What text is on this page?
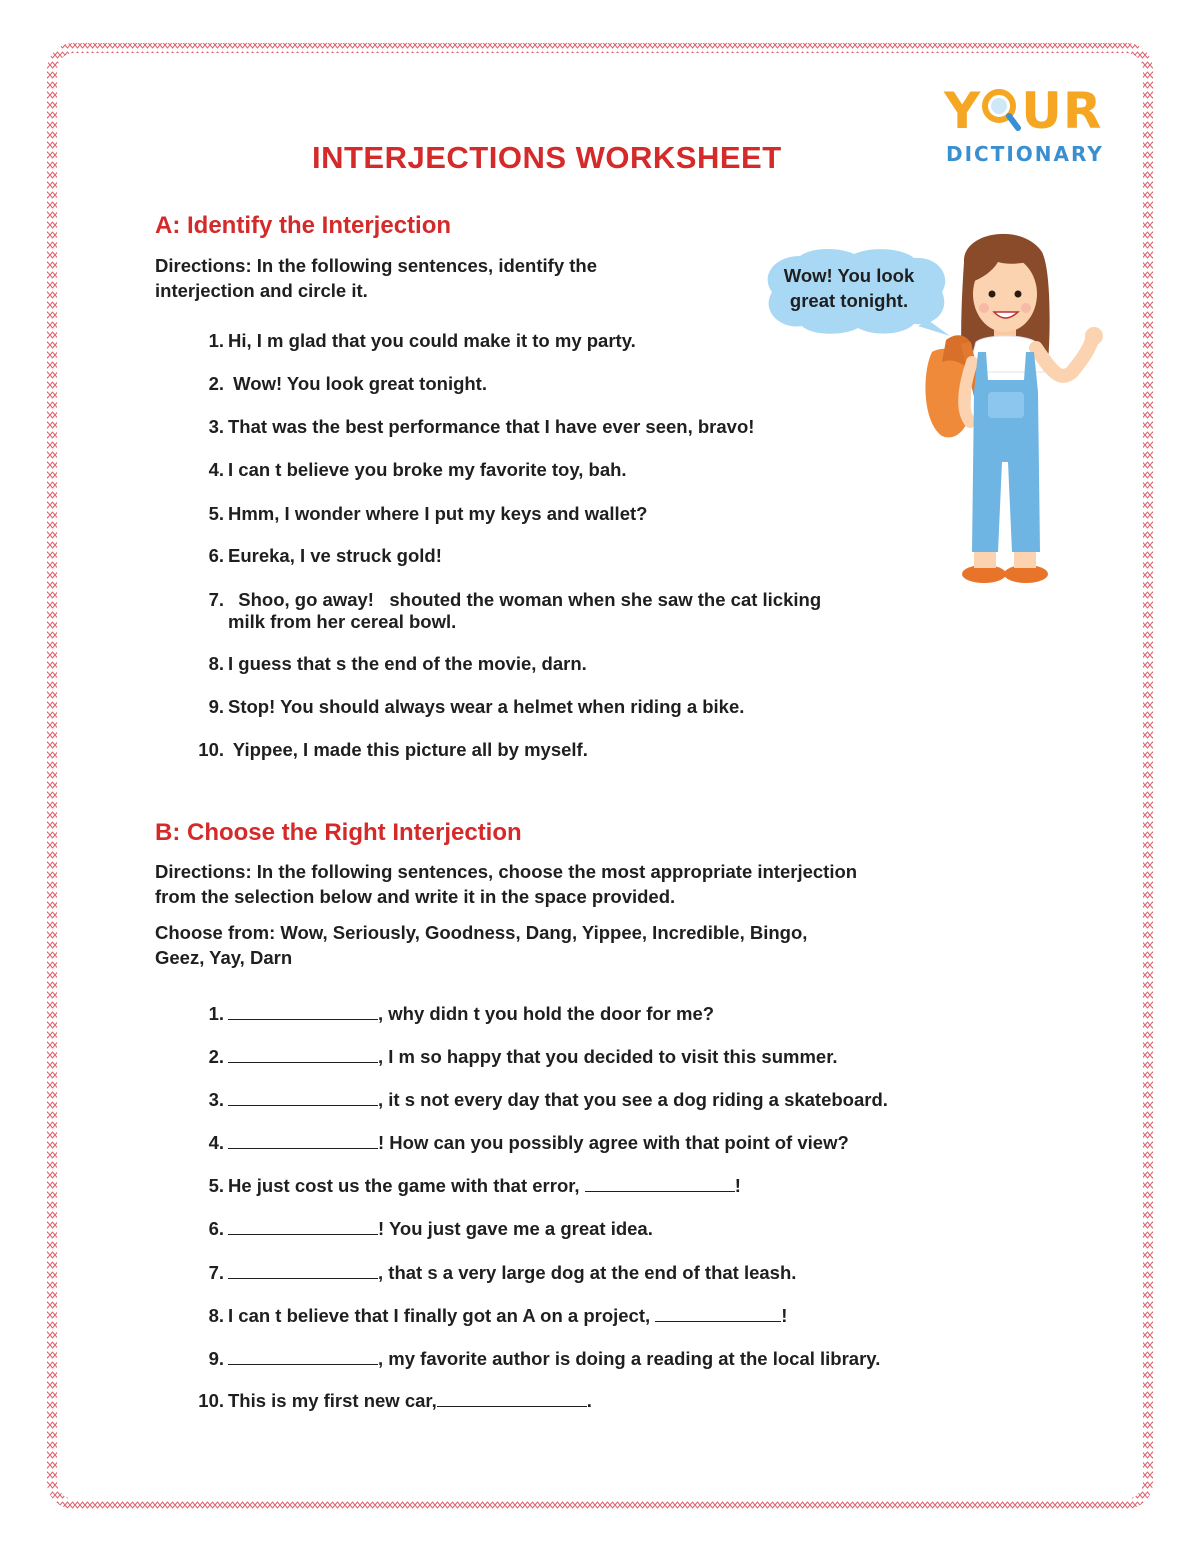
Y UR
DICTIONARY
INTERJECTIONS WORKSHEET
A: Identify the Interjection
Directions: In the following sentences, identify the
interjection and circle it.
1. Hi, I m glad that you could make it to my party.
2. Wow! You look great tonight.
3. That was the best performance that I have ever seen, bravo!
4. I can t believe you broke my favorite toy, bah.
5. Hmm, I wonder where I put my keys and wallet?
6. Eureka, I ve struck gold!
7.  Shoo, go away!   shouted the woman when she saw the cat licking
milk from her cereal bowl.
8. I guess that s the end of the movie, darn.
9. Stop! You should always wear a helmet when riding a bike.
10. Yippee, I made this picture all by myself.
Wow! You look
great tonight.
B: Choose the Right Interjection
Directions: In the following sentences, choose the most appropriate interjection
from the selection below and write it in the space provided.
Choose from: Wow, Seriously, Goodness, Dang, Yippee, Incredible, Bingo,
Geez, Yay, Darn
1.	, why didn t you hold the door for me?
2.	, I m so happy that you decided to visit this summer.
3.	, it s not every day that you see a dog riding a skateboard.
4.	! How can you possibly agree with that point of view?
5. He just cost us the game with that error,	!
6.	! You just gave me a great idea.
7.	, that s a very large dog at the end of that leash.
8. I can t believe that I finally got an A on a project,	!
9.	, my favorite author is doing a reading at the local library.
10. This is my first new car,	.
